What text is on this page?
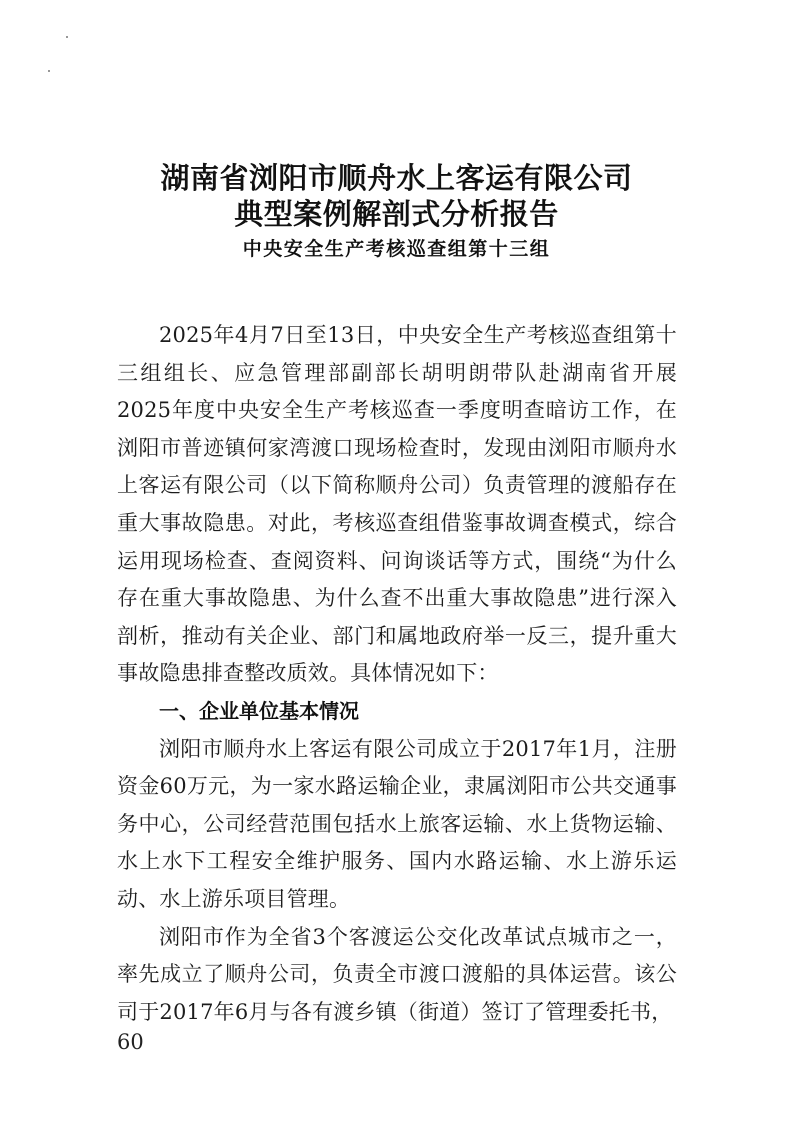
湖南省浏阳市顺舟水上客运有限公司
典型案例解剖式分析报告
中央安全生产考核巡查组第十三组

2025年4月7日至13日，中央安全生产考核巡查组第十三组组长、应急管理部副部长胡明朗带队赴湖南省开展2025年度中央安全生产考核巡查一季度明查暗访工作，在浏阳市普迹镇何家湾渡口现场检查时，发现由浏阳市顺舟水上客运有限公司（以下简称顺舟公司）负责管理的渡船存在重大事故隐患。对此，考核巡查组借鉴事故调查模式，综合运用现场检查、查阅资料、问询谈话等方式，围绕“为什么存在重大事故隐患、为什么查不出重大事故隐患”进行深入剖析，推动有关企业、部门和属地政府举一反三，提升重大事故隐患排查整改质效。具体情况如下：

一、企业单位基本情况

浏阳市顺舟水上客运有限公司成立于2017年1月，注册资金60万元，为一家水路运输企业，隶属浏阳市公共交通事务中心，公司经营范围包括水上旅客运输、水上货物运输、水上水下工程安全维护服务、国内水路运输、水上游乐运动、水上游乐项目管理。

浏阳市作为全省3个客渡运公交化改革试点城市之一，率先成立了顺舟公司，负责全市渡口渡船的具体运营。该公司于2017年6月与各有渡乡镇（街道）签订了管理委托书，

60
